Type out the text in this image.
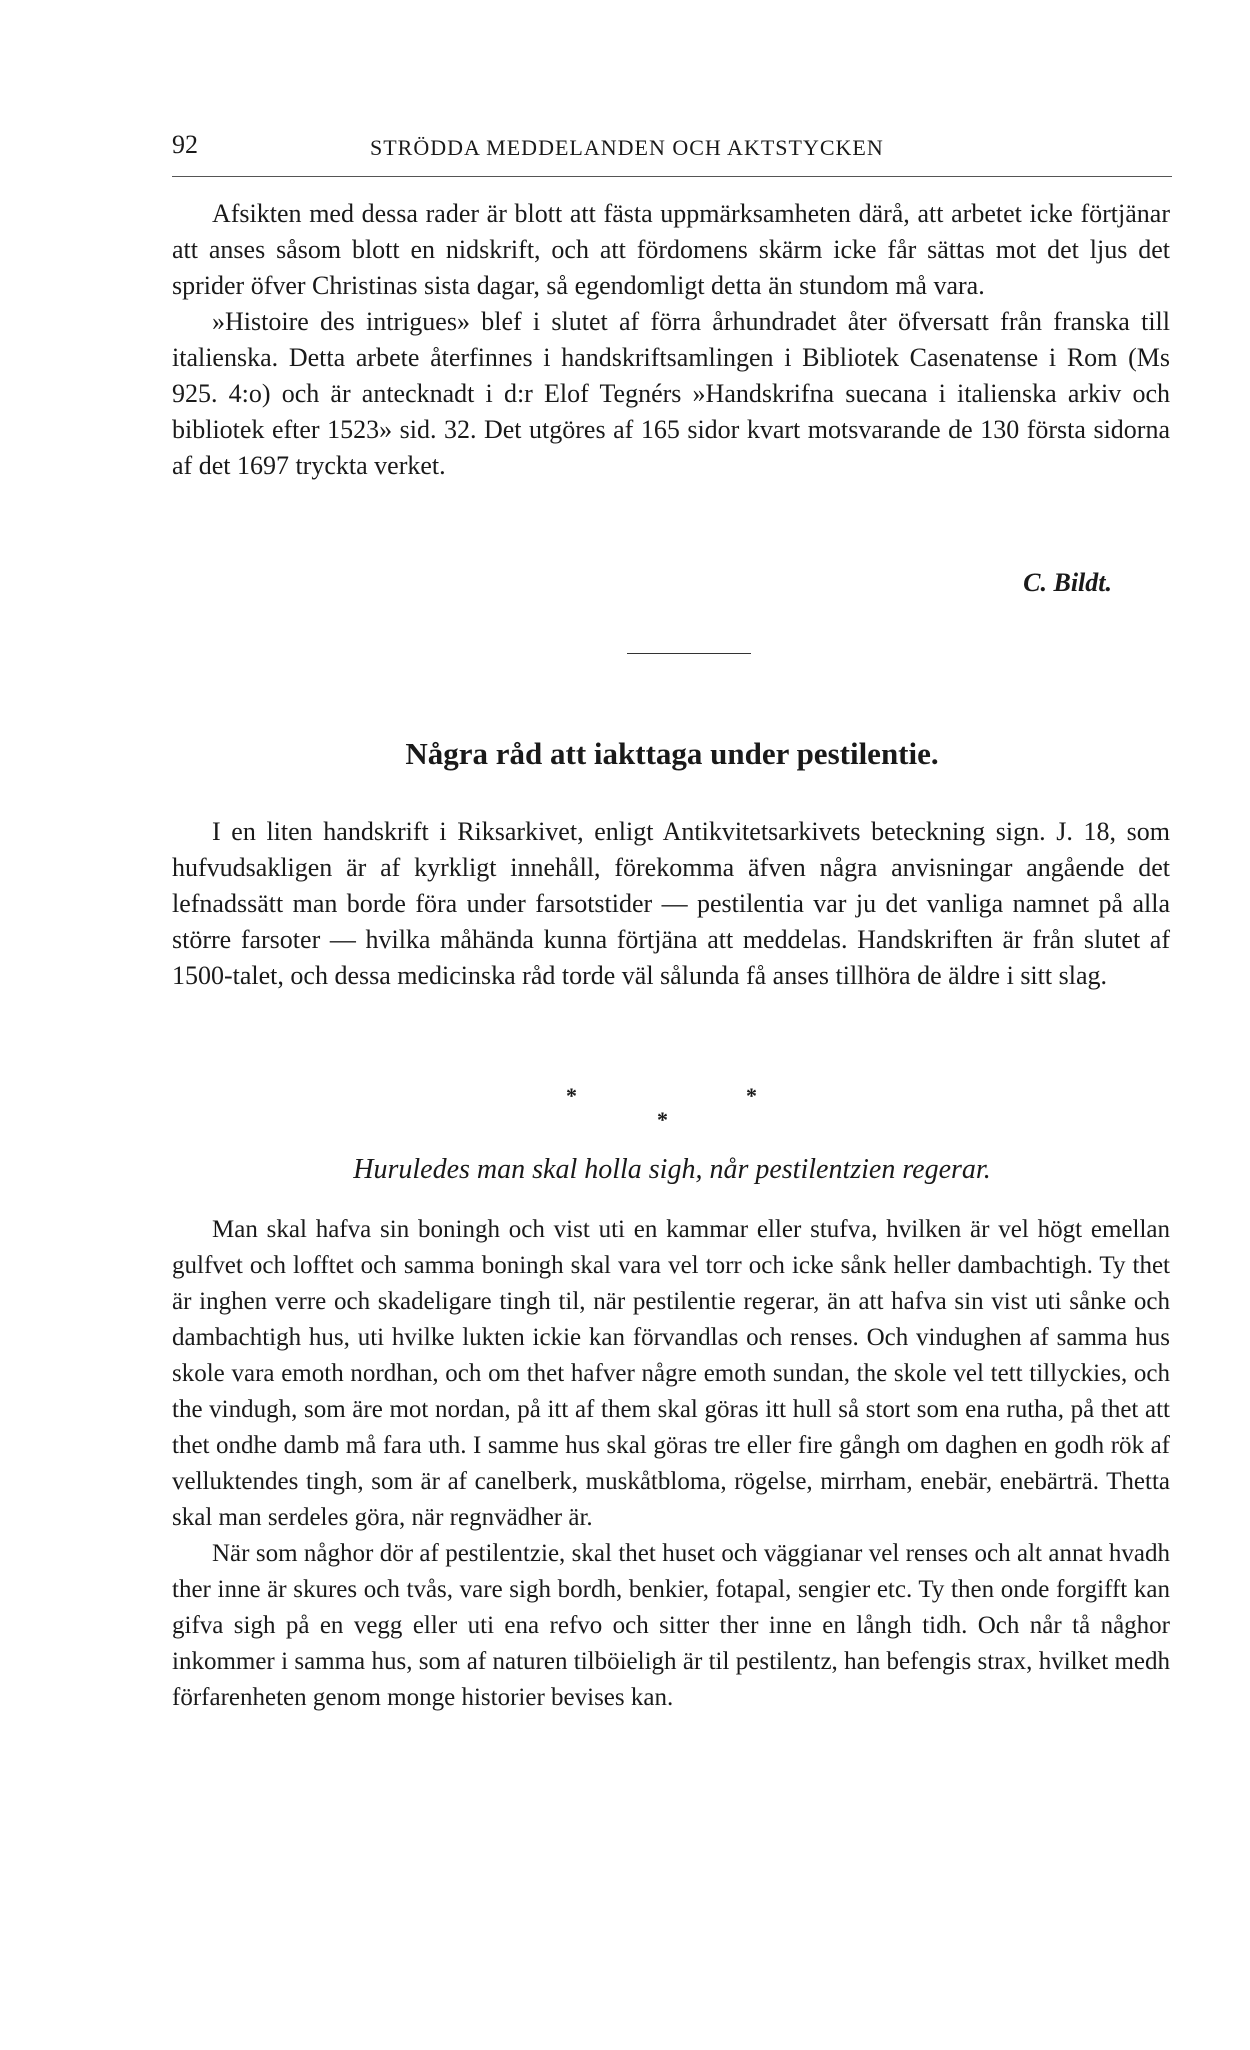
92	STRÖDDA MEDDELANDEN OCH AKTSTYCKEN

Afsikten med dessa rader är blott att fästa uppmärksamheten därå, att arbetet icke förtjänar att anses såsom blott en nidskrift, och att fördomens skärm icke får sättas mot det ljus det sprider öfver Christinas sista dagar, så egendomligt detta än stundom må vara.

»Histoire des intrigues» blef i slutet af förra århundradet åter öfversatt från franska till italienska. Detta arbete återfinnes i handskriftsamlingen i Bibliotek Casenatense i Rom (Ms 925. 4:o) och är antecknadt i d:r Elof Tegnérs »Handskrifna suecana i italienska arkiv och bibliotek efter 1523» sid. 32. Det utgöres af 165 sidor kvart motsvarande de 130 första sidorna af det 1697 tryckta verket.

C. Bildt.
Några råd att iakttaga under pestilentie.

I en liten handskrift i Riksarkivet, enligt Antikvitetsarkivets beteckning sign. J. 18, som hufvudsakligen är af kyrkligt innehåll, förekomma äfven några anvisningar angående det lefnadssätt man borde föra under farsotstider — pestilentia var ju det vanliga namnet på alla större farsoter — hvilka måhända kunna förtjäna att meddelas. Handskriften är från slutet af 1500-talet, och dessa medicinska råd torde väl sålunda få anses tillhöra de äldre i sitt slag.

*	*
*
Huruledes man skal holla sigh, når pestilentzien regerar.

Man skal hafva sin boningh och vist uti en kammar eller stufva, hvilken är vel högt emellan gulfvet och lofftet och samma boningh skal vara vel torr och icke sånk heller dambachtigh. Ty thet är inghen verre och skadeligare tingh til, när pestilentie regerar, än att hafva sin vist uti sånke och dambachtigh hus, uti hvilke lukten ickie kan förvandlas och renses. Och vindughen af samma hus skole vara emoth nordhan, och om thet hafver någre emoth sundan, the skole vel tett tillyckies, och the vindugh, som äre mot nordan, på itt af them skal göras itt hull så stort som ena rutha, på thet att thet ondhe damb må fara uth. I samme hus skal göras tre eller fire gångh om daghen en godh rök af velluktendes tingh, som är af canelberk, muskåtbloma, rögelse, mirrham, enebär, enebärträ. Thetta skal man serdeles göra, när regnvädher är.

När som någhor dör af pestilentzie, skal thet huset och väggianar vel renses och alt annat hvadh ther inne är skures och tvås, vare sigh bordh, benkier, fotapal, sengier etc. Ty then onde forgifft kan gifva sigh på en vegg eller uti ena refvo och sitter ther inne en långh tidh. Och når tå någhor inkommer i samma hus, som af naturen tilböieligh är til pestilentz, han befengis strax, hvilket medh förfarenheten genom monge historier bevises kan.
